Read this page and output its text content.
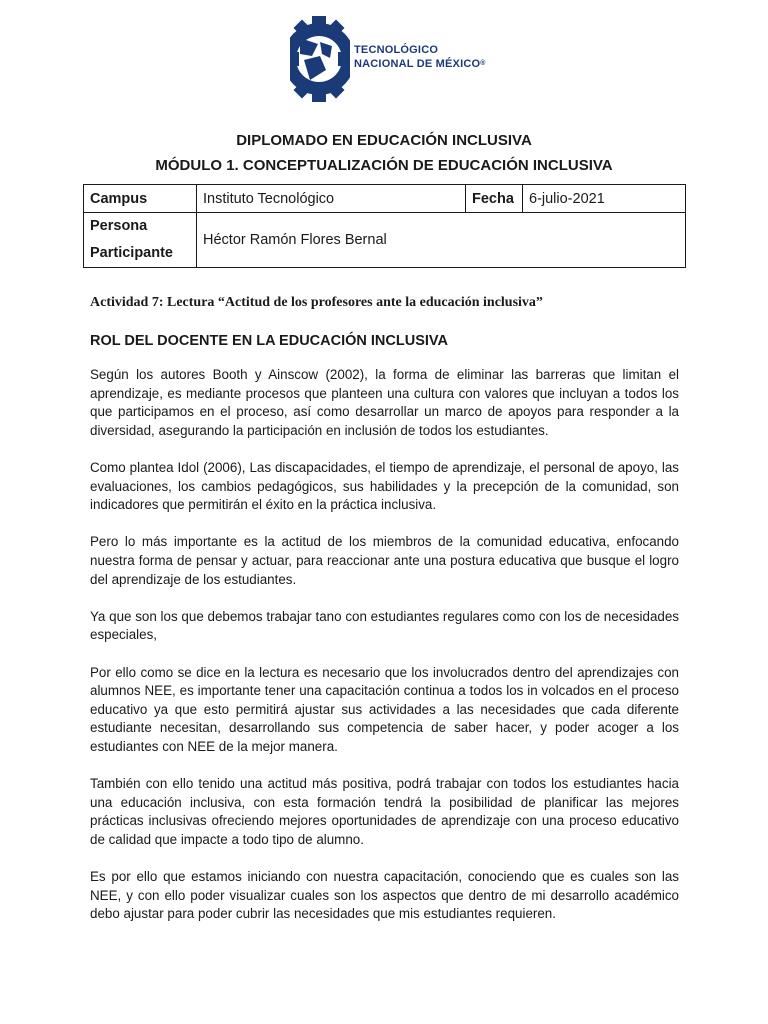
TECNOLÓGICO
NACIONAL DE MÉXICO®
DIPLOMADO EN EDUCACIÓN INCLUSIVA
MÓDULO 1. CONCEPTUALIZACIÓN DE EDUCACIÓN INCLUSIVA
Campus	Instituto Tecnológico	Fecha	6-julio-2021

Persona
Participante	Héctor Ramón Flores Bernal		
Actividad 7: Lectura “Actitud de los profesores ante la educación inclusiva”
ROL DEL DOCENTE EN LA EDUCACIÓN INCLUSIVA

Según los autores Booth y Ainscow (2002), la forma de eliminar las barreras que limitan el aprendizaje, es mediante procesos que planteen una cultura con valores que incluyan a todos los que participamos en el proceso, así como desarrollar un marco de apoyos para responder a la diversidad, asegurando la participación en inclusión de todos los estudiantes.

Como plantea Idol (2006), Las discapacidades, el tiempo de aprendizaje, el personal de apoyo, las evaluaciones, los cambios pedagógicos, sus habilidades y la precepción de la comunidad, son indicadores que permitirán el éxito en la práctica inclusiva.

Pero lo más importante es la actitud de los miembros de la comunidad educativa, enfocando nuestra forma de pensar y actuar, para reaccionar ante una postura educativa que busque el logro del aprendizaje de los estudiantes.

Ya que son los que debemos trabajar tano con estudiantes regulares como con los de necesidades especiales,

Por ello como se dice en la lectura es necesario que los involucrados dentro del aprendizajes con alumnos NEE, es importante tener una capacitación continua a todos los in volcados en el proceso educativo ya que esto permitirá ajustar sus actividades a las necesidades que cada diferente estudiante necesitan, desarrollando sus competencia de saber hacer, y poder acoger a los estudiantes con NEE de la mejor manera.

También con ello tenido una actitud más positiva, podrá trabajar con todos los estudiantes hacia una educación inclusiva, con esta formación tendrá la posibilidad de planificar las mejores prácticas inclusivas ofreciendo mejores oportunidades de aprendizaje con una proceso educativo de calidad que impacte a todo tipo de alumno.

Es por ello que estamos iniciando con nuestra capacitación, conociendo que es cuales son las NEE, y con ello poder visualizar cuales son los aspectos que dentro de mi desarrollo académico debo ajustar para poder cubrir las necesidades que mis estudiantes requieren.
